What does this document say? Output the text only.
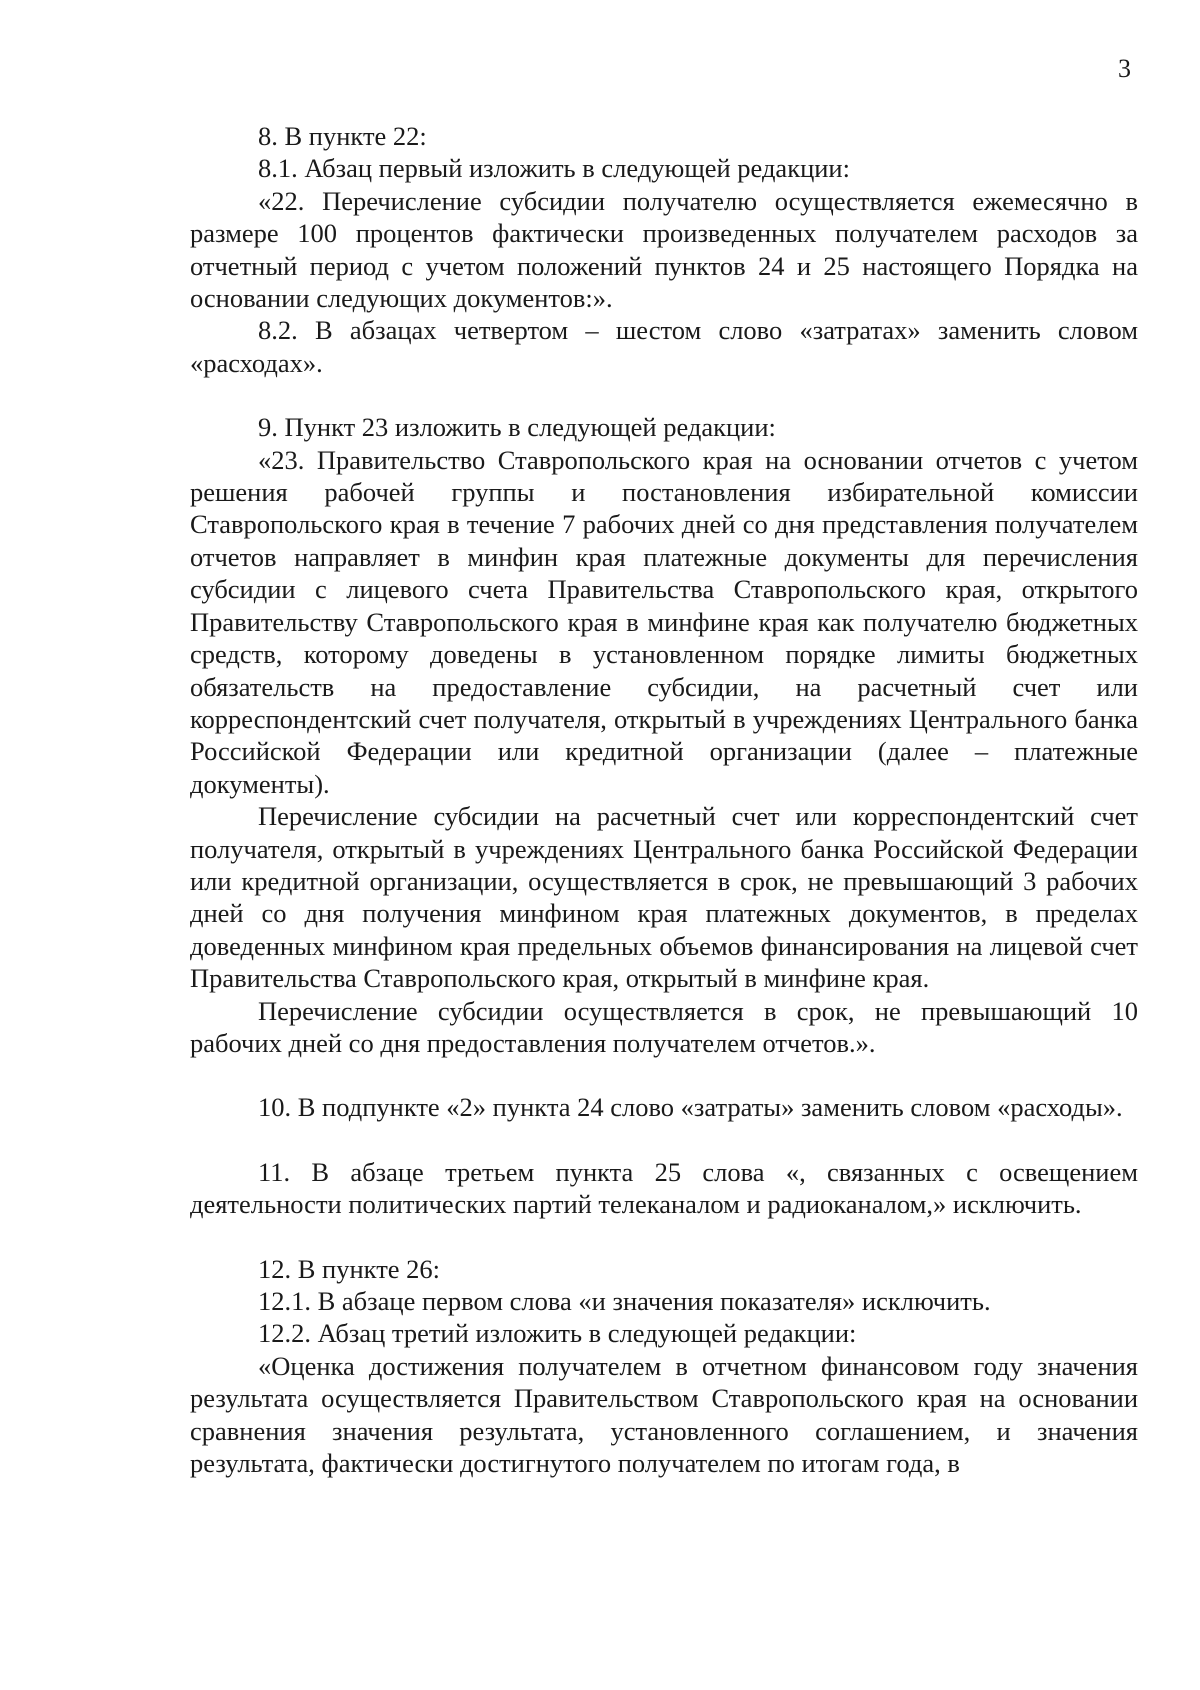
3

8. В пункте 22:

8.1. Абзац первый изложить в следующей редакции:

«22. Перечисление субсидии получателю осуществляется ежемесячно в размере 100 процентов фактически произведенных получателем расходов за отчетный период с учетом положений пунктов 24 и 25 настоящего Порядка на основании следующих документов:».

8.2. В абзацах четвертом – шестом слово «затратах» заменить словом «расходах».

9. Пункт 23 изложить в следующей редакции:

«23. Правительство Ставропольского края на основании отчетов с учетом решения рабочей группы и постановления избирательной комиссии Ставропольского края в течение 7 рабочих дней со дня представления получателем отчетов направляет в минфин края платежные документы для перечисления субсидии с лицевого счета Правительства Ставропольского края, открытого Правительству Ставропольского края в минфине края как получателю бюджетных средств, которому доведены в установленном порядке лимиты бюджетных обязательств на предоставление субсидии, на расчетный счет или корреспондентский счет получателя, открытый в учреждениях Центрального банка Российской Федерации или кредитной организации (далее – платежные документы).

Перечисление субсидии на расчетный счет или корреспондентский счет получателя, открытый в учреждениях Центрального банка Российской Федерации или кредитной организации, осуществляется в срок, не превышающий 3 рабочих дней со дня получения минфином края платежных документов, в пределах доведенных минфином края предельных объемов финансирования на лицевой счет Правительства Ставропольского края, открытый в минфине края.

Перечисление субсидии осуществляется в срок, не превышающий 10 рабочих дней со дня предоставления получателем отчетов.».

10. В подпункте «2» пункта 24 слово «затраты» заменить словом «расходы».

11. В абзаце третьем пункта 25 слова «, связанных с освещением деятельности политических партий телеканалом и радиоканалом,» исключить.

12. В пункте 26:

12.1. В абзаце первом слова «и значения показателя» исключить.

12.2. Абзац третий изложить в следующей редакции:

«Оценка достижения получателем в отчетном финансовом году значения результата осуществляется Правительством Ставропольского края на основании сравнения значения результата, установленного соглашением, и значения результата, фактически достигнутого получателем по итогам года, в
